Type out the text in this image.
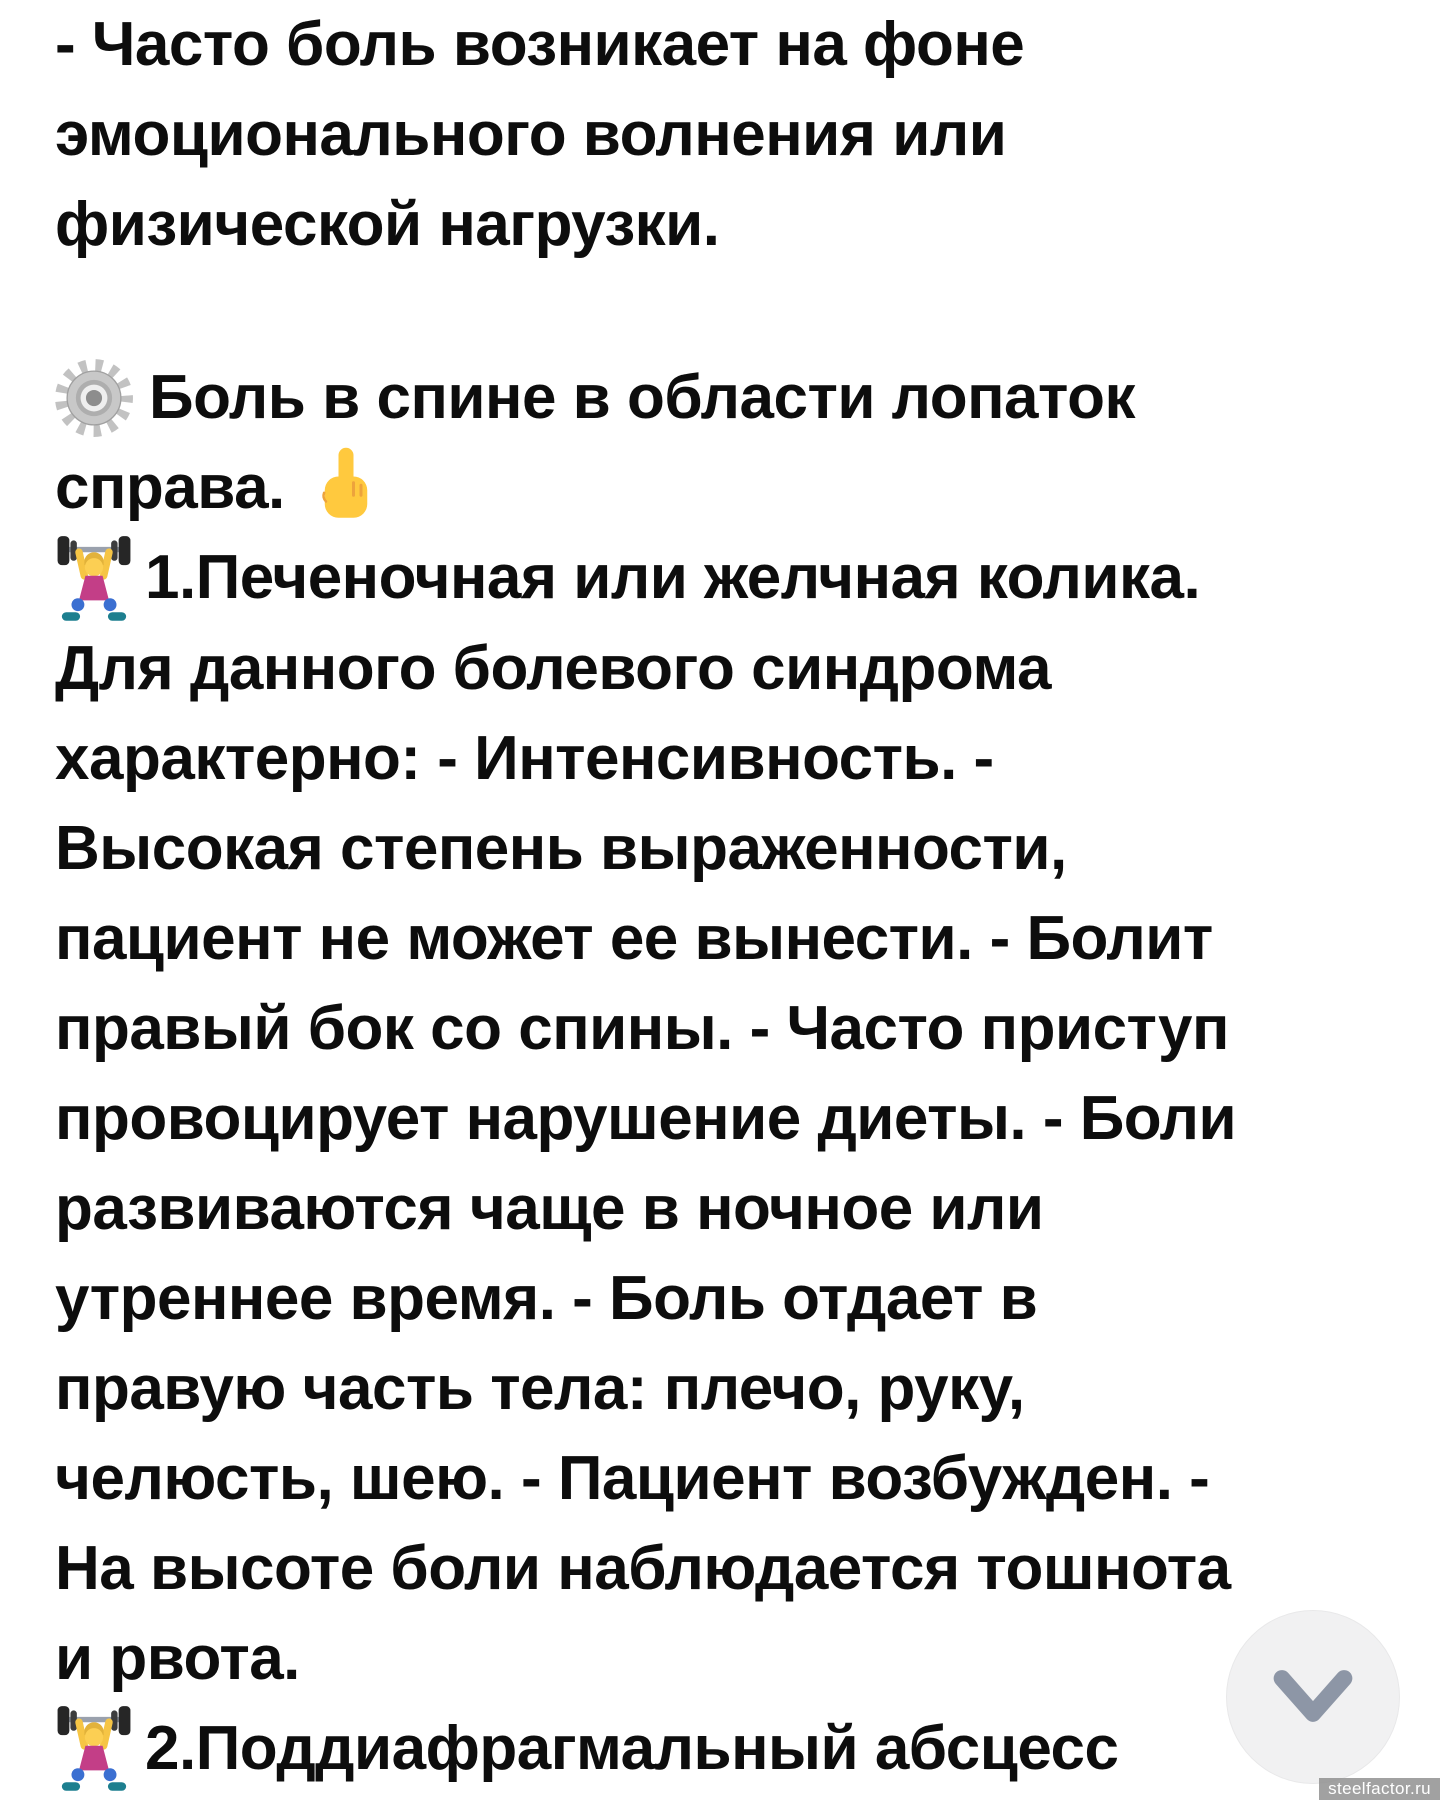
- Часто боль возникает на фоне
эмоционального волнения или
физической нагрузки.
Боль в спине в области лопаток
справа.
1.Печеночная или желчная колика.
Для данного болевого синдрома
характерно: - Интенсивность. -
Высокая степень выраженности,
пациент не может ее вынести. - Болит
правый бок со спины. - Часто приступ
провоцирует нарушение диеты. - Боли
развиваются чаще в ночное или
утреннее время. - Боль отдает в
правую часть тела: плечо, руку,
челюсть, шею. - Пациент возбужден. -
На высоте боли наблюдается тошнота
и рвота.
2.Поддиафрагмальный абсцесс
steelfactor.ru
